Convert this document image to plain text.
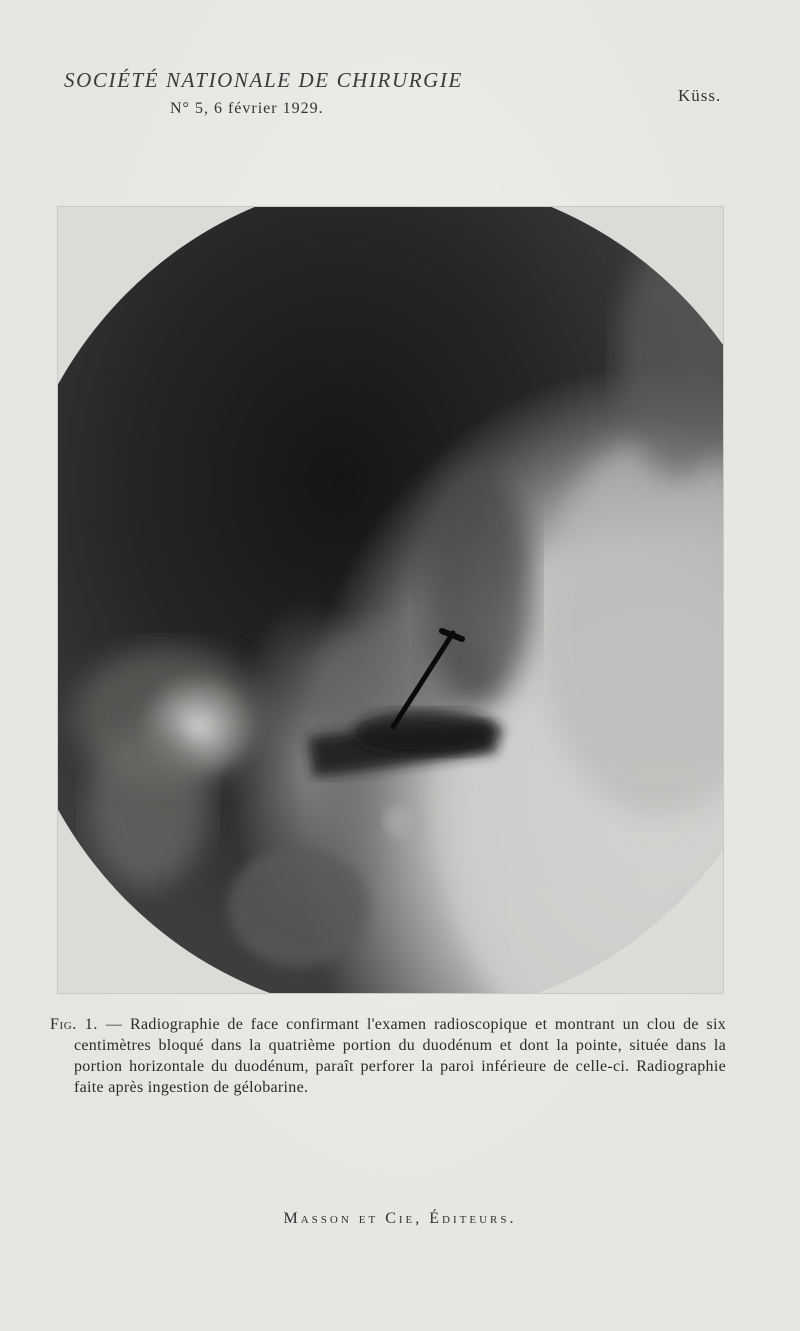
SOCIÉTÉ NATIONALE DE CHIRURGIE
N° 5, 6 février 1929.
Küss.

Fig. 1. — Radiographie de face confirmant l'examen radioscopique et montrant un clou de six centimètres bloqué dans la quatrième portion du duodénum et dont la pointe, située dans la portion horizontale du duodénum, paraît perforer la paroi inférieure de celle-ci. Radiographie faite après ingestion de gélobarine.

Masson et Cie, Éditeurs.
